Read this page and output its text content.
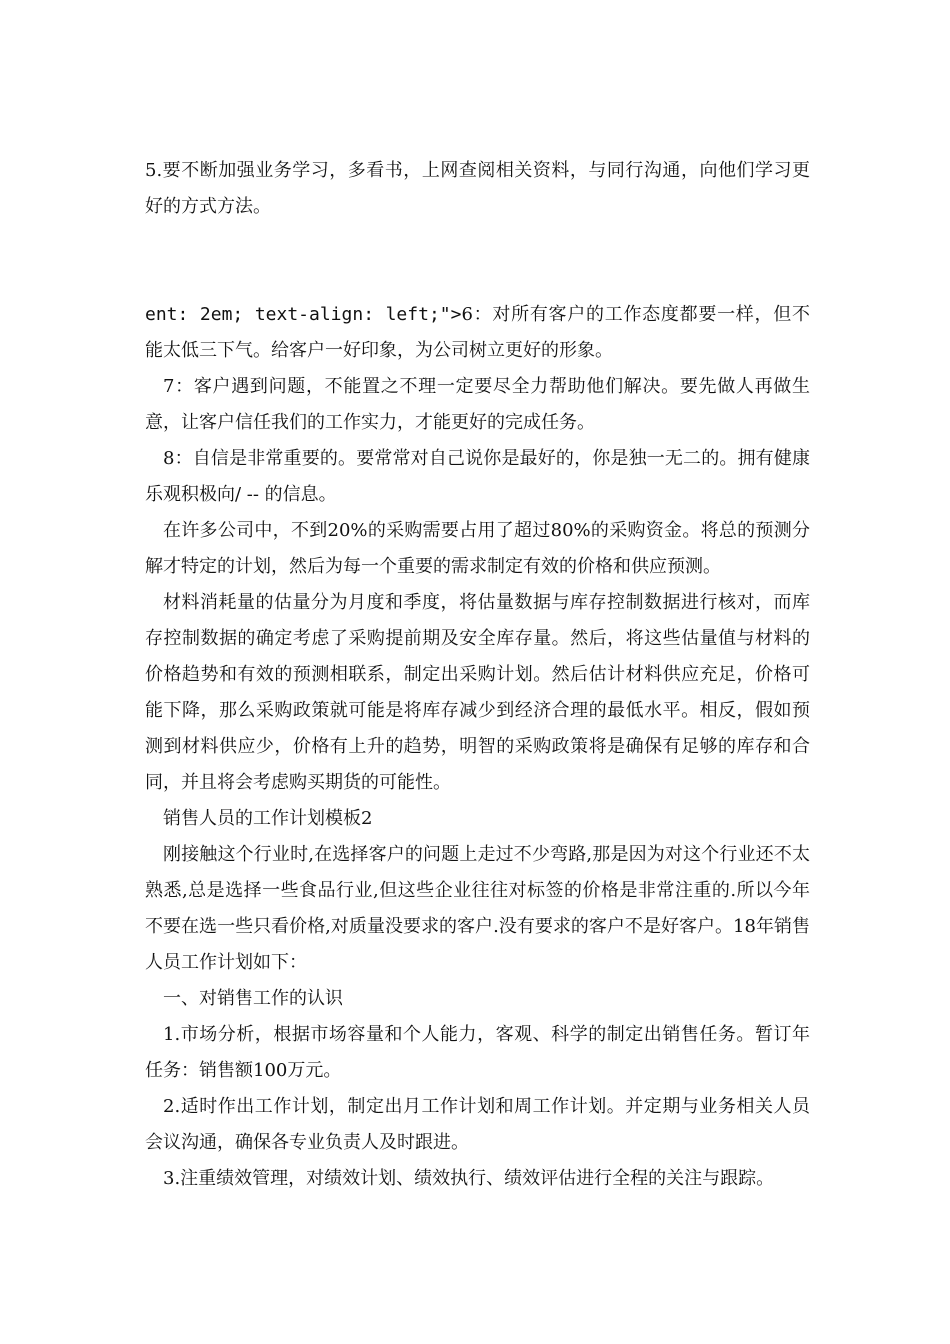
5.要不断加强业务学习，多看书，上网查阅相关资料，与同行沟通，向他们学习更好的方式方法。

ent: 2em; text-align: left;">6：对所有客户的工作态度都要一样，但不能太低三下气。给客户一好印象，为公司树立更好的形象。

7：客户遇到问题，不能置之不理一定要尽全力帮助他们解决。要先做人再做生意，让客户信任我们的工作实力，才能更好的完成任务。

8：自信是非常重要的。要常常对自己说你是最好的，你是独一无二的。拥有健康乐观积极向/ -- 的信息。

在许多公司中，不到20%的采购需要占用了超过80%的采购资金。将总的预测分解才特定的计划，然后为每一个重要的需求制定有效的价格和供应预测。

材料消耗量的估量分为月度和季度，将估量数据与库存控制数据进行核对，而库存控制数据的确定考虑了采购提前期及安全库存量。然后，将这些估量值与材料的价格趋势和有效的预测相联系，制定出采购计划。然后估计材料供应充足，价格可能下降，那么采购政策就可能是将库存减少到经济合理的最低水平。相反，假如预测到材料供应少，价格有上升的趋势，明智的采购政策将是确保有足够的库存和合同，并且将会考虑购买期货的可能性。

销售人员的工作计划模板2

刚接触这个行业时,在选择客户的问题上走过不少弯路,那是因为对这个行业还不太熟悉,总是选择一些食品行业,但这些企业往往对标签的价格是非常注重的.所以今年不要在选一些只看价格,对质量没要求的客户.没有要求的客户不是好客户。18年销售人员工作计划如下：

一、对销售工作的认识

1.市场分析，根据市场容量和个人能力，客观、科学的制定出销售任务。暂订年任务：销售额100万元。

2.适时作出工作计划，制定出月工作计划和周工作计划。并定期与业务相关人员会议沟通，确保各专业负责人及时跟进。

3.注重绩效管理，对绩效计划、绩效执行、绩效评估进行全程的关注与跟踪。
